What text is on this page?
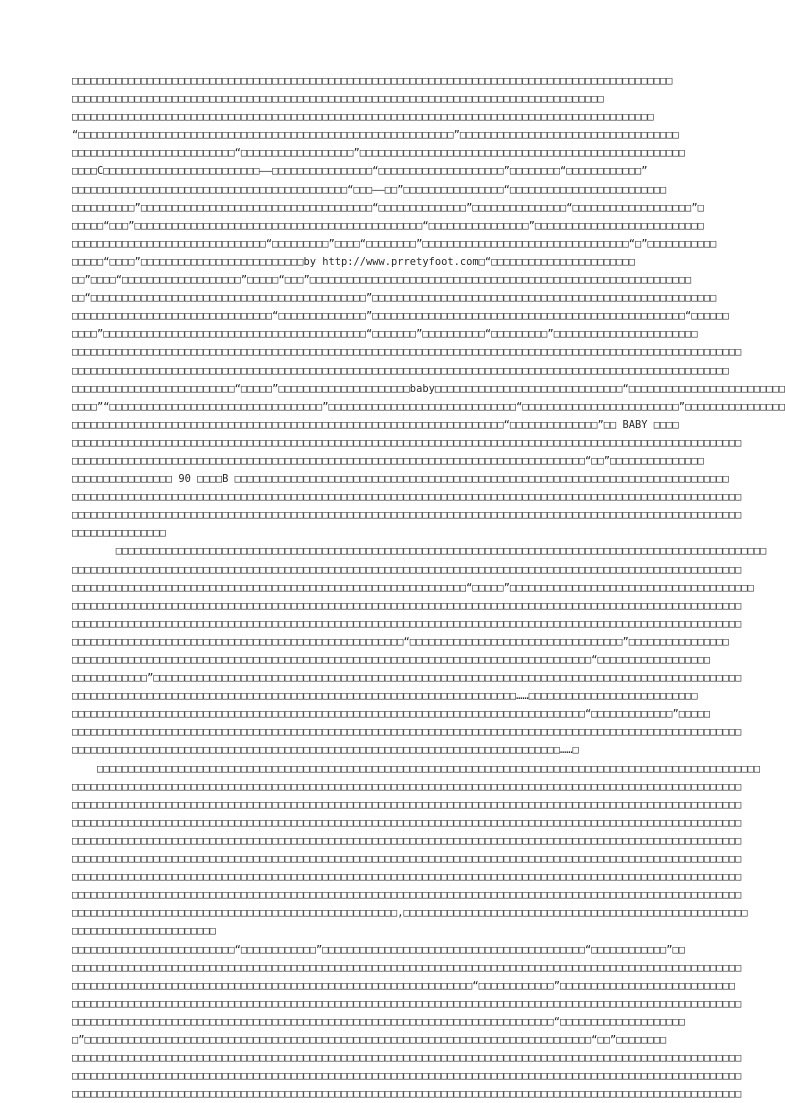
□□□□□□□□□□□□□□□□□□□□□□□□□□□□□□□□□□□□□□□□□□□□□□□□□□□□□□□□□□□□□□□□□□□□□□□□□□□□□□□□□□□□□□□□□□□□□□□□
□□□□□□□□□□□□□□□□□□□□□□□□□□□□□□□□□□□□□□□□□□□□□□□□□□□□□□□□□□□□□□□□□□□□□□□□□□□□□□□□□□□□□
□□□□□□□□□□□□□□□□□□□□□□□□□□□□□□□□□□□□□□□□□□□□□□□□□□□□□□□□□□□□□□□□□□□□□□□□□□□□□□□□□□□□□□□□□□□□□
“□□□□□□□□□□□□□□□□□□□□□□□□□□□□□□□□□□□□□□□□□□□□□□□□□□□□□□□□□□□□”□□□□□□□□□□□□□□□□□□□□□□□□□□□□□□□□□□□
□□□□□□□□□□□□□□□□□□□□□□□□□□“□□□□□□□□□□□□□□□□□□”□□□□□□□□□□□□□□□□□□□□□□□□□□□□□□□□□□□□□□□□□□□□□□□□□□□□
□□□□C□□□□□□□□□□□□□□□□□□□□□□□□□——□□□□□□□□□□□□□□□□“□□□□□□□□□□□□□□□□□□□□”□□□□□□□□“□□□□□□□□□□□□”
□□□□□□□□□□□□□□□□□□□□□□□□□□□□□□□□□□□□□□□□□□□□“□□□——□□”□□□□□□□□□□□□□□□□“□□□□□□□□□□□□□□□□□□□□□□□□□
□□□□□□□□□□”□□□□□□□□□□□□□□□□□□□□□□□□□□□□□□□□□□□□□“□□□□□□□□□□□□□□”□□□□□□□□□□□□□□□“□□□□□□□□□□□□□□□□□□□”□
□□□□□“□□□”□□□□□□□□□□□□□□□□□□□□□□□□□□□□□□□□□□□□□□□□□□□□□□“□□□□□□□□□□□□□□□□”□□□□□□□□□□□□□□□□□□□□□□□□□□□
□□□□□□□□□□□□□□□□□□□□□□□□□□□□□□□“□□□□□□□□□”□□□□“□□□□□□□□”□□□□□□□□□□□□□□□□□□□□□□□□□□□□□□□□□“□”□□□□□□□□□□□
□□□□□“□□□□”□□□□□□□□□□□□□□□□□□□□□□□□□□by http://www.prretyfoot.com□“□□□□□□□□□□□□□□□□□□□□□□□
□□”□□□□“□□□□□□□□□□□□□□□□□□□”□□□□□“□□□”□□□□□□□□□□□□□□□□□□□□□□□□□□□□□□□□□□□□□□□□□□□□□□□□□□□□□□□□□□□□□
□□“□□□□□□□□□□□□□□□□□□□□□□□□□□□□□□□□□□□□□□□□□□□□”□□□□□□□□□□□□□□□□□□□□□□□□□□□□□□□□□□□□□□□□□□□□□□□□□□□□□□□
□□□□□□□□□□□□□□□□□□□□□□□□□□□□□□□□“□□□□□□□□□□□□□□”□□□□□□□□□□□□□□□□□□□□□□□□□□□□□□□□□□□□□□□□□□□□□□□□□□“□□□□□□
□□□□”□□□□□□□□□□□□□□□□□□□□□□□□□□□□□□□□□□□□□□□□□□“□□□□□□□”□□□□□□□□□□“□□□□□□□□□”□□□□□□□□□□□□□□□□□□□□□□□
□□□□□□□□□□□□□□□□□□□□□□□□□□□□□□□□□□□□□□□□□□□□□□□□□□□□□□□□□□□□□□□□□□□□□□□□□□□□□□□□□□□□□□□□□□□□□□□□□□□□□□□□□□□
□□□□□□□□□□□□□□□□□□□□□□□□□□□□□□□□□□□□□□□□□□□□□□□□□□□□□□□□□□□□□□□□□□□□□□□□□□□□□□□□□□□□□□□□□□□□□□□□□□□□□□□□□
□□□□□□□□□□□□□□□□□□□□□□□□□□“□□□□□”□□□□□□□□□□□□□□□□□□□□□baby□□□□□□□□□□□□□□□□□□□□□□□□□□□□□□“□□□□□□□□□□□□□□□□□□□□□□□□□
□□□□”“□□□□□□□□□□□□□□□□□□□□□□□□□□□□□□□□□□”□□□□□□□□□□□□□□□□□□□□□□□□□□□□□□“□□□□□□□□□□□□□□□□□□□□□□□□□”□□□□□□□□□□□□□□□□
□□□□□□□□□□□□□□□□□□□□□□□□□□□□□□□□□□□□□□□□□□□□□□□□□□□□□□□□□□□□□□□□□□□□□“□□□□□□□□□□□□□□”□□ BABY □□□□
□□□□□□□□□□□□□□□□□□□□□□□□□□□□□□□□□□□□□□□□□□□□□□□□□□□□□□□□□□□□□□□□□□□□□□□□□□□□□□□□□□□□□□□□□□□□□□□□□□□□□□□□□□□
□□□□□□□□□□□□□□□□□□□□□□□□□□□□□□□□□□□□□□□□□□□□□□□□□□□□□□□□□□□□□□□□□□□□□□□□□□□□□□□□□□“□□”□□□□□□□□□□□□□□□
□□□□□□□□□□□□□□□□ 90 □□□□B □□□□□□□□□□□□□□□□□□□□□□□□□□□□□□□□□□□□□□□□□□□□□□□□□□□□□□□□□□□□□□□□□□□□□□□□□□□□□□□
□□□□□□□□□□□□□□□□□□□□□□□□□□□□□□□□□□□□□□□□□□□□□□□□□□□□□□□□□□□□□□□□□□□□□□□□□□□□□□□□□□□□□□□□□□□□□□□□□□□□□□□□□□□
□□□□□□□□□□□□□□□□□□□□□□□□□□□□□□□□□□□□□□□□□□□□□□□□□□□□□□□□□□□□□□□□□□□□□□□□□□□□□□□□□□□□□□□□□□□□□□□□□□□□□□□□□□□
□□□□□□□□□□□□□□□
□□□□□□□□□□□□□□□□□□□□□□□□□□□□□□□□□□□□□□□□□□□□□□□□□□□□□□□□□□□□□□□□□□□□□□□□□□□□□□□□□□□□□□□□□□□□□□□□□□□□□□□□
□□□□□□□□□□□□□□□□□□□□□□□□□□□□□□□□□□□□□□□□□□□□□□□□□□□□□□□□□□□□□□□□□□□□□□□□□□□□□□□□□□□□□□□□□□□□□□□□□□□□□□□□□□□
□□□□□□□□□□□□□□□□□□□□□□□□□□□□□□□□□□□□□□□□□□□□□□□□□□□□□□□□□□□□□□□“□□□□□”□□□□□□□□□□□□□□□□□□□□□□□□□□□□□□□□□□□□□□□
□□□□□□□□□□□□□□□□□□□□□□□□□□□□□□□□□□□□□□□□□□□□□□□□□□□□□□□□□□□□□□□□□□□□□□□□□□□□□□□□□□□□□□□□□□□□□□□□□□□□□□□□□□□
□□□□□□□□□□□□□□□□□□□□□□□□□□□□□□□□□□□□□□□□□□□□□□□□□□□□□□□□□□□□□□□□□□□□□□□□□□□□□□□□□□□□□□□□□□□□□□□□□□□□□□□□□□□
□□□□□□□□□□□□□□□□□□□□□□□□□□□□□□□□□□□□□□□□□□□□□□□□□□□□□“□□□□□□□□□□□□□□□□□□□□□□□□□□□□□□□□□□”□□□□□□□□□□□□□□□□
□□□□□□□□□□□□□□□□□□□□□□□□□□□□□□□□□□□□□□□□□□□□□□□□□□□□□□□□□□□□□□□□□□□□□□□□□□□□□□□□□□□“□□□□□□□□□□□□□□□□□□
□□□□□□□□□□□□”□□□□□□□□□□□□□□□□□□□□□□□□□□□□□□□□□□□□□□□□□□□□□□□□□□□□□□□□□□□□□□□□□□□□□□□□□□□□□□□□□□□□□□□□□□□□□□
□□□□□□□□□□□□□□□□□□□□□□□□□□□□□□□□□□□□□□□□□□□□□□□□□□□□□□□□□□□□□□□□□□□□□□□……□□□□□□□□□□□□□□□□□□□□□□□□□□□
□□□□□□□□□□□□□□□□□□□□□□□□□□□□□□□□□□□□□□□□□□□□□□□□□□□□□□□□□□□□□□□□□□□□□□□□□□□□□□□□□□“□□□□□□□□□□□□□”□□□□□
□□□□□□□□□□□□□□□□□□□□□□□□□□□□□□□□□□□□□□□□□□□□□□□□□□□□□□□□□□□□□□□□□□□□□□□□□□□□□□□□□□□□□□□□□□□□□□□□□□□□□□□□□□□
□□□□□□□□□□□□□□□□□□□□□□□□□□□□□□□□□□□□□□□□□□□□□□□□□□□□□□□□□□□□□□□□□□□□□□□□□□□□□□……□
□□□□□□□□□□□□□□□□□□□□□□□□□□□□□□□□□□□□□□□□□□□□□□□□□□□□□□□□□□□□□□□□□□□□□□□□□□□□□□□□□□□□□□□□□□□□□□□□□□□□□□□□□□
□□□□□□□□□□□□□□□□□□□□□□□□□□□□□□□□□□□□□□□□□□□□□□□□□□□□□□□□□□□□□□□□□□□□□□□□□□□□□□□□□□□□□□□□□□□□□□□□□□□□□□□□□□□
□□□□□□□□□□□□□□□□□□□□□□□□□□□□□□□□□□□□□□□□□□□□□□□□□□□□□□□□□□□□□□□□□□□□□□□□□□□□□□□□□□□□□□□□□□□□□□□□□□□□□□□□□□□
□□□□□□□□□□□□□□□□□□□□□□□□□□□□□□□□□□□□□□□□□□□□□□□□□□□□□□□□□□□□□□□□□□□□□□□□□□□□□□□□□□□□□□□□□□□□□□□□□□□□□□□□□□□
□□□□□□□□□□□□□□□□□□□□□□□□□□□□□□□□□□□□□□□□□□□□□□□□□□□□□□□□□□□□□□□□□□□□□□□□□□□□□□□□□□□□□□□□□□□□□□□□□□□□□□□□□□□
□□□□□□□□□□□□□□□□□□□□□□□□□□□□□□□□□□□□□□□□□□□□□□□□□□□□□□□□□□□□□□□□□□□□□□□□□□□□□□□□□□□□□□□□□□□□□□□□□□□□□□□□□□□
□□□□□□□□□□□□□□□□□□□□□□□□□□□□□□□□□□□□□□□□□□□□□□□□□□□□□□□□□□□□□□□□□□□□□□□□□□□□□□□□□□□□□□□□□□□□□□□□□□□□□□□□□□□
□□□□□□□□□□□□□□□□□□□□□□□□□□□□□□□□□□□□□□□□□□□□□□□□□□□□□□□□□□□□□□□□□□□□□□□□□□□□□□□□□□□□□□□□□□□□□□□□□□□□□□□□□□□
□□□□□□□□□□□□□□□□□□□□□□□□□□□□□□□□□□□□□□□□□□□□□□□□□□□□,□□□□□□□□□□□□□□□□□□□□□□□□□□□□□□□□□□□□□□□□□□□□□□□□□□□□□□□
□□□□□□□□□□□□□□□□□□□□□□□
□□□□□□□□□□□□□□□□□□□□□□□□□□“□□□□□□□□□□□□”□□□□□□□□□□□□□□□□□□□□□□□□□□□□□□□□□□□□□□□□□□“□□□□□□□□□□□□”□□
□□□□□□□□□□□□□□□□□□□□□□□□□□□□□□□□□□□□□□□□□□□□□□□□□□□□□□□□□□□□□□□□□□□□□□□□□□□□□□□□□□□□□□□□□□□□□□□□□□□□□□□□□□□
□□□□□□□□□□□□□□□□□□□□□□□□□□□□□□□□□□□□□□□□□□□□□□□□□□□□□□□□□□□□□□□□“□□□□□□□□□□□□”□□□□□□□□□□□□□□□□□□□□□□□□□□□□
□□□□□□□□□□□□□□□□□□□□□□□□□□□□□□□□□□□□□□□□□□□□□□□□□□□□□□□□□□□□□□□□□□□□□□□□□□□□□□□□□□□□□□□□□□□□□□□□□□□□□□□□□□□
□□□□□□□□□□□□□□□□□□□□□□□□□□□□□□□□□□□□□□□□□□□□□□□□□□□□□□□□□□□□□□□□□□□□□□□□□□□□□“□□□□□□□□□□□□□□□□□□□□
□”□□□□□□□□□□□□□□□□□□□□□□□□□□□□□□□□□□□□□□□□□□□□□□□□□□□□□□□□□□□□□□□□□□□□□□□□□□□□□□□□□“□□”□□□□□□□□
□□□□□□□□□□□□□□□□□□□□□□□□□□□□□□□□□□□□□□□□□□□□□□□□□□□□□□□□□□□□□□□□□□□□□□□□□□□□□□□□□□□□□□□□□□□□□□□□□□□□□□□□□□□
□□□□□□□□□□□□□□□□□□□□□□□□□□□□□□□□□□□□□□□□□□□□□□□□□□□□□□□□□□□□□□□□□□□□□□□□□□□□□□□□□□□□□□□□□□□□□□□□□□□□□□□□□□□
□□□□□□□□□□□□□□□□□□□□□□□□□□□□□□□□□□□□□□□□□□□□□□□□□□□□□□□□□□□□□□□□□□□□□□□□□□□□□□□□□□□□□□□□□□□□□□□□□□□□□□□□□□□
